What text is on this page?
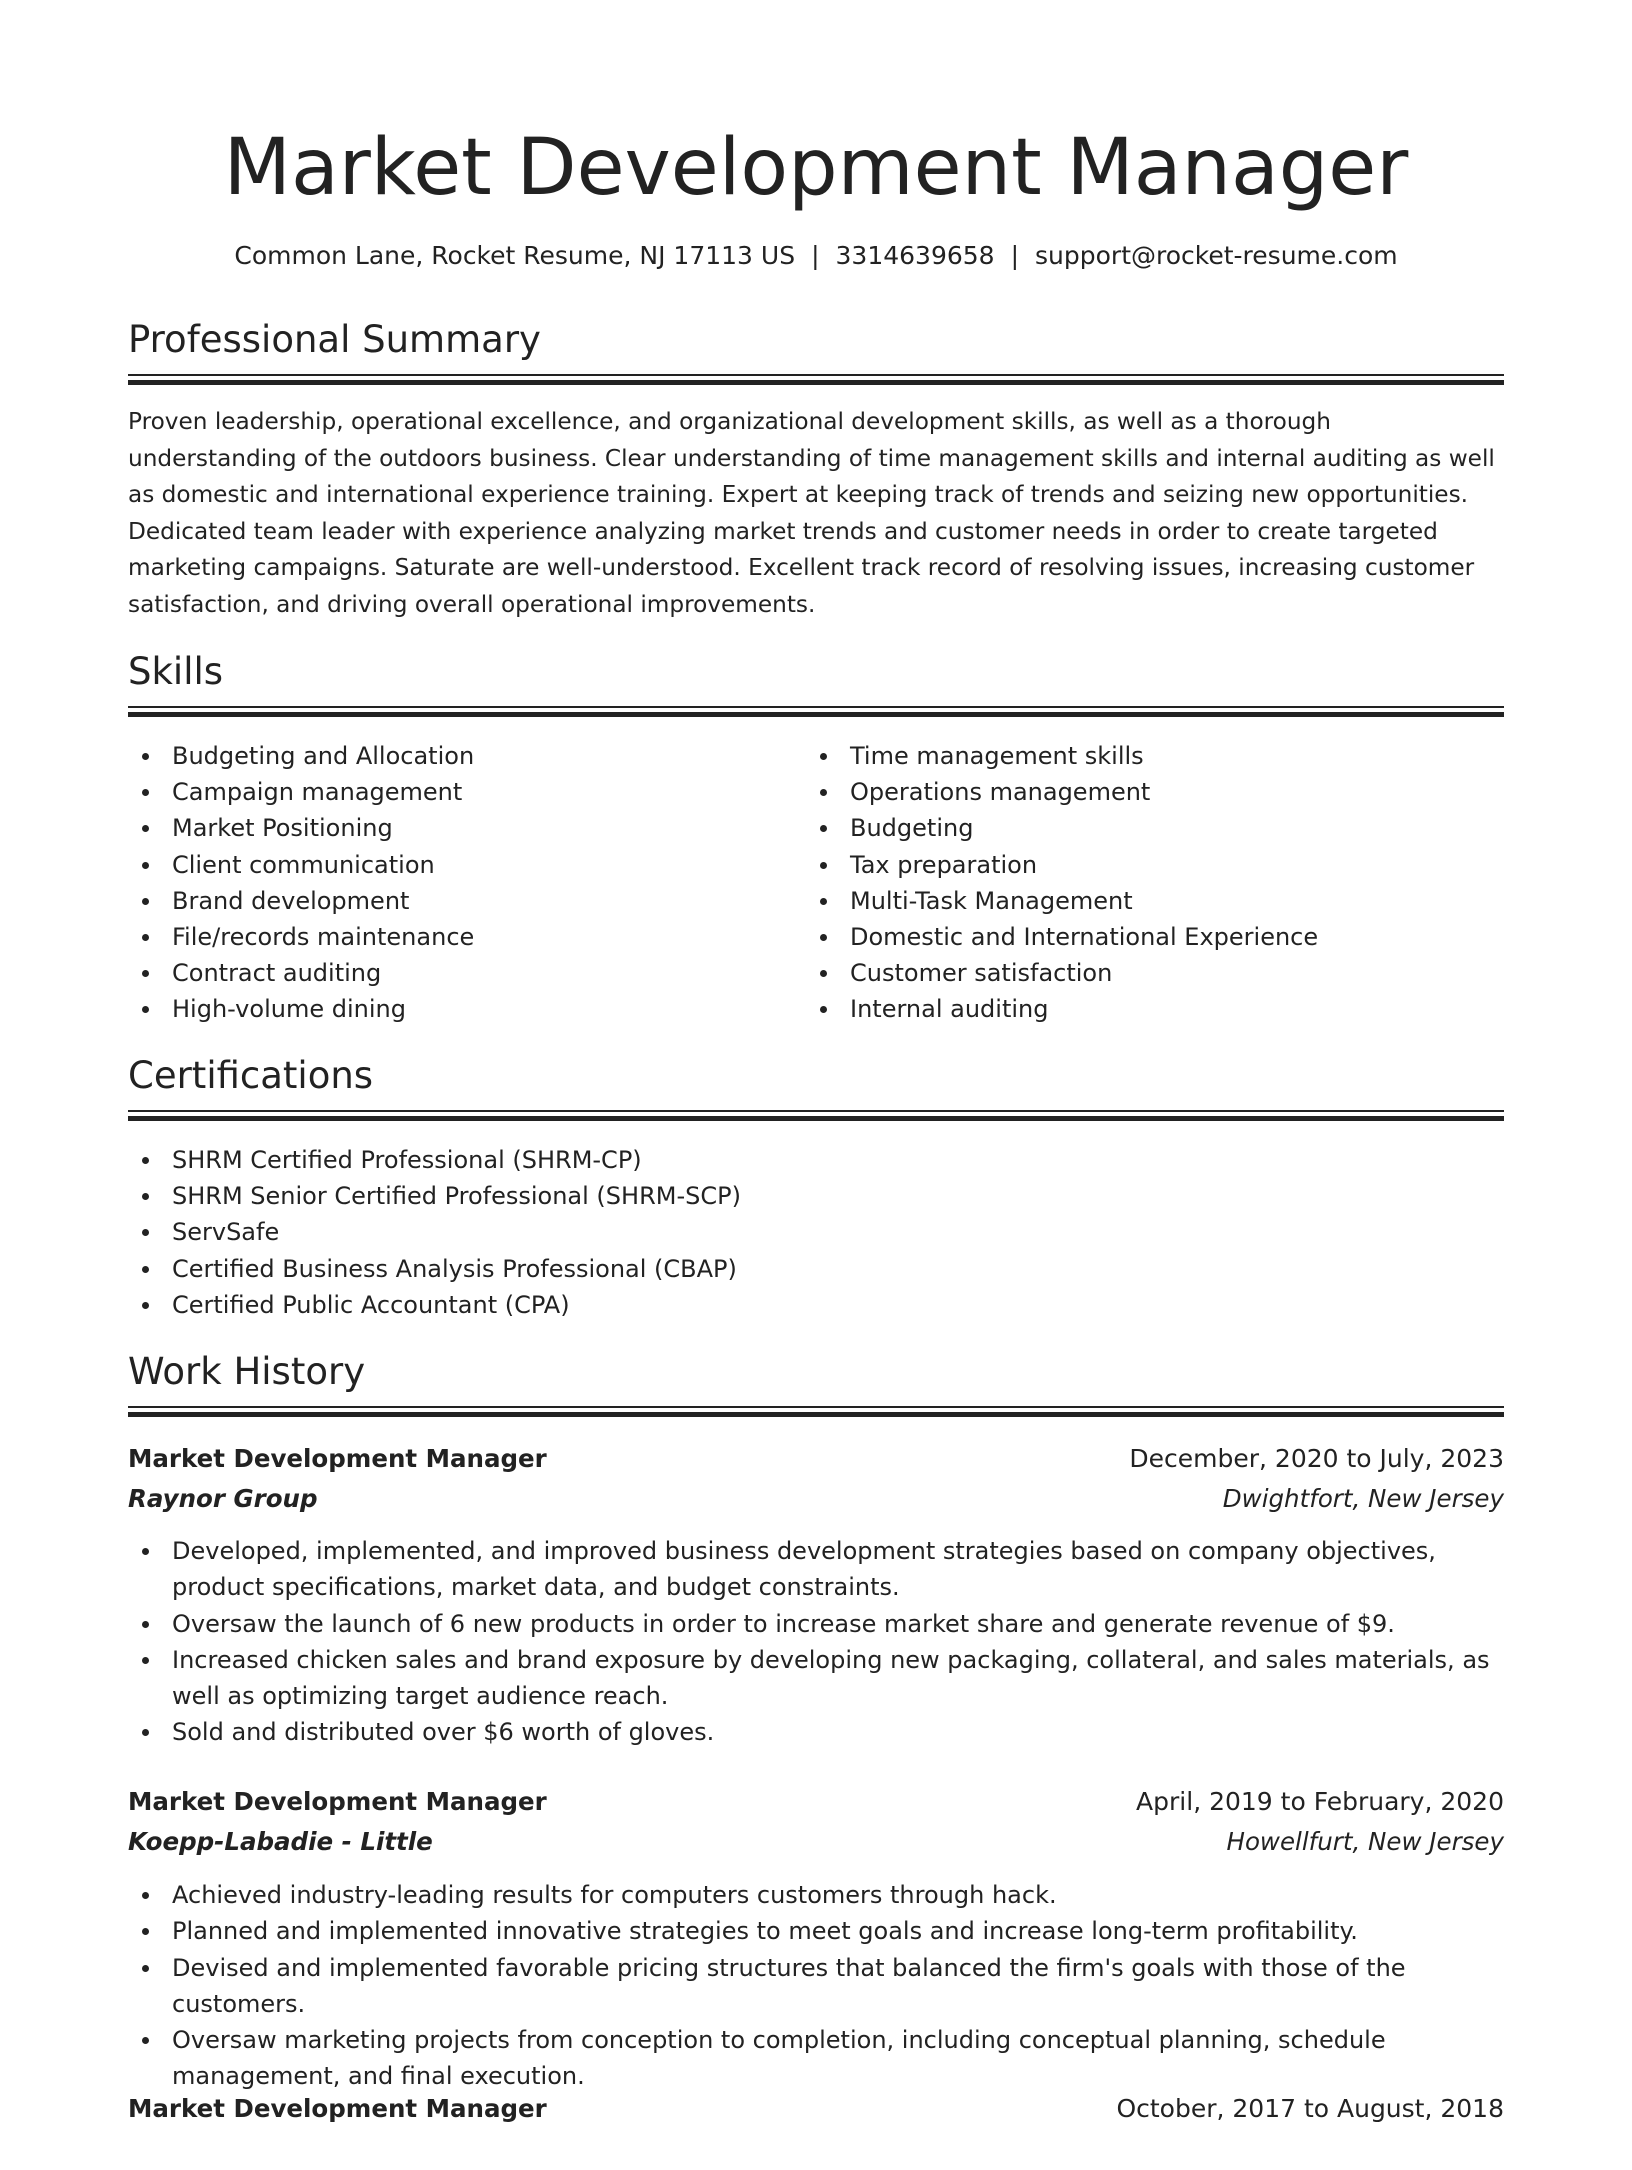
Market Development Manager
Common Lane, Rocket Resume, NJ 17113 US | 3314639658 | support@rocket-resume.com
Professional Summary

Proven leadership, operational excellence, and organizational development skills, as well as a thorough understanding of the outdoors business. Clear understanding of time management skills and internal auditing as well as domestic and international experience training. Expert at keeping track of trends and seizing new opportunities. Dedicated team leader with experience analyzing market trends and customer needs in order to create targeted marketing campaigns. Saturate are well-understood. Excellent track record of resolving issues, increasing customer satisfaction, and driving overall operational improvements.

Skills
Budgeting and Allocation
Campaign management
Market Positioning
Client communication
Brand development
File/records maintenance
Contract auditing
High-volume dining
Time management skills
Operations management
Budgeting
Tax preparation
Multi-Task Management
Domestic and International Experience
Customer satisfaction
Internal auditing
Certifications
SHRM Certified Professional (SHRM-CP)
SHRM Senior Certified Professional (SHRM-SCP)
ServSafe
Certified Business Analysis Professional (CBAP)
Certified Public Accountant (CPA)
Work History
Market Development Manager	December, 2020 to July, 2023
Raynor Group	Dwightfort, New Jersey
Developed, implemented, and improved business development strategies based on company objectives, product specifications, market data, and budget constraints.
Oversaw the launch of 6 new products in order to increase market share and generate revenue of $9.
Increased chicken sales and brand exposure by developing new packaging, collateral, and sales materials, as well as optimizing target audience reach.
Sold and distributed over $6 worth of gloves.
Market Development Manager	April, 2019 to February, 2020
Koepp-Labadie - Little	Howellfurt, New Jersey
Achieved industry-leading results for computers customers through hack.
Planned and implemented innovative strategies to meet goals and increase long-term profitability.
Devised and implemented favorable pricing structures that balanced the firm's goals with those of the customers.
Oversaw marketing projects from conception to completion, including conceptual planning, schedule management, and final execution.
Market Development Manager	October, 2017 to August, 2018
